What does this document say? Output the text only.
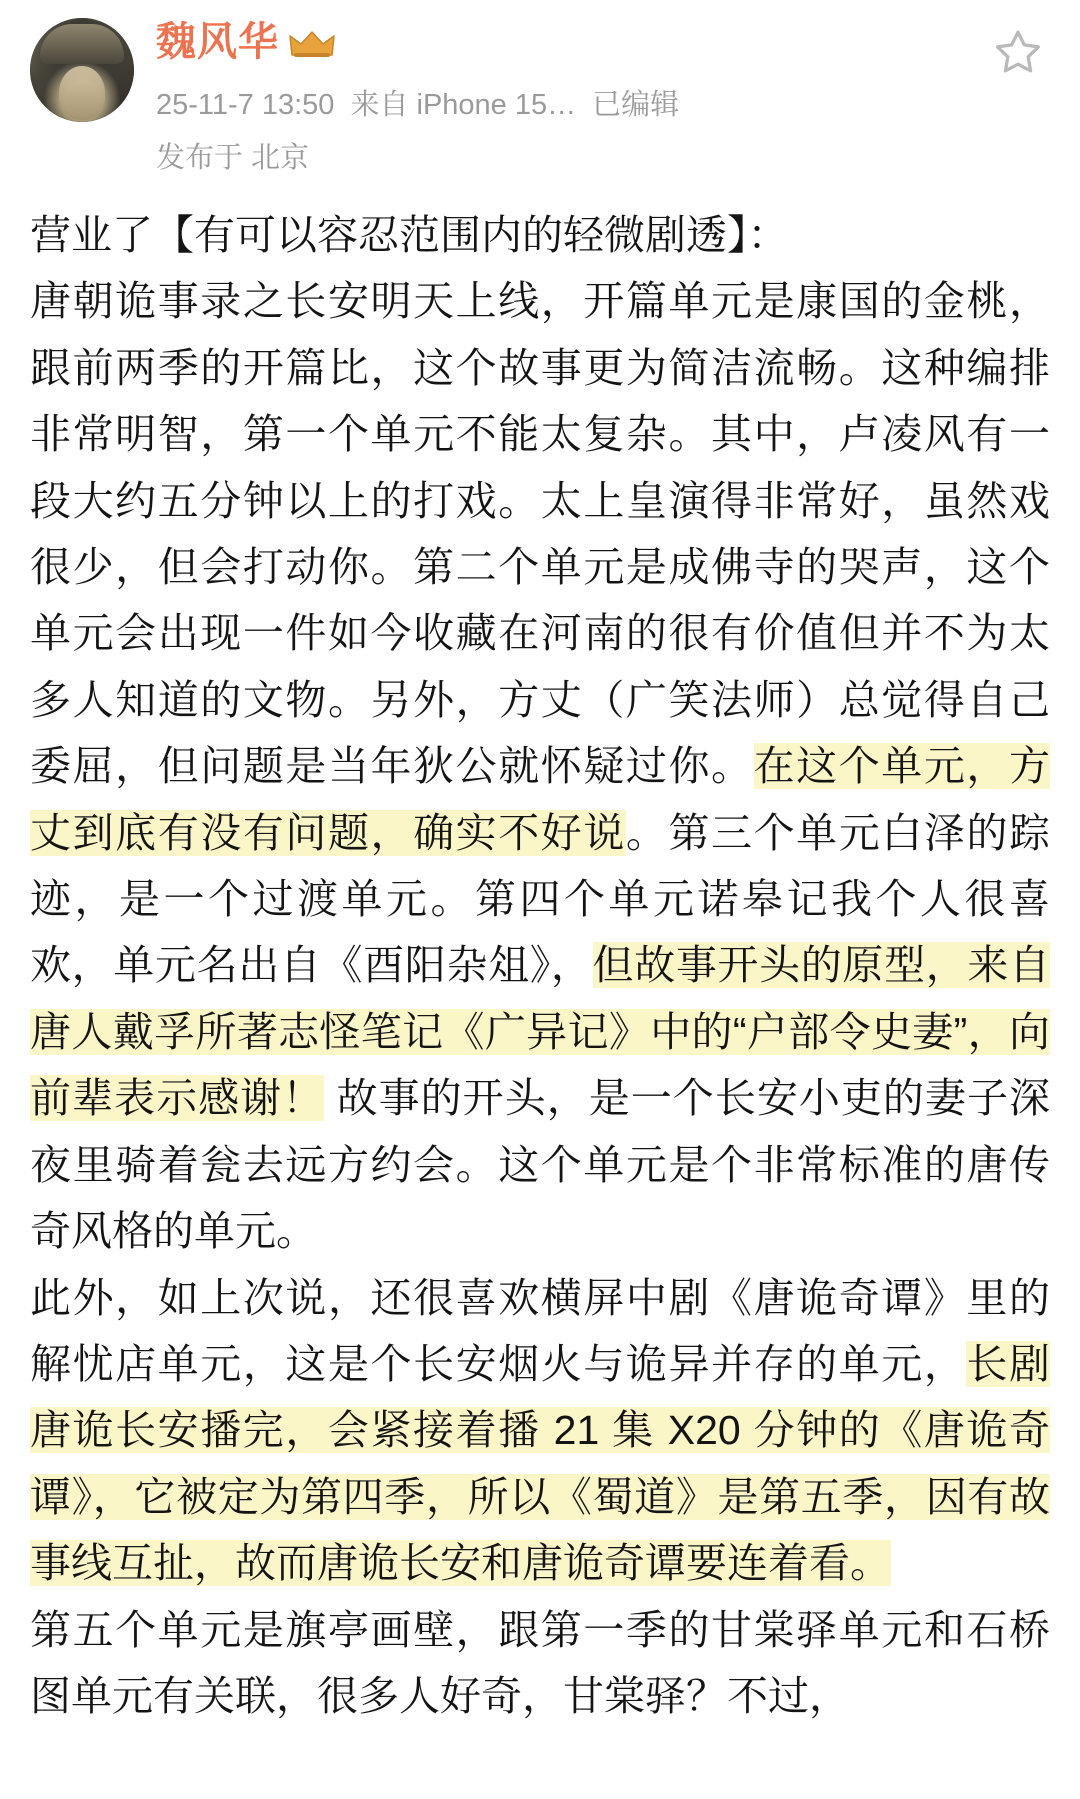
魏风华
25-11-7 13:50 来自 iPhone 15… 已编辑
发布于 北京

营业了【有可以容忍范围内的轻微剧透】：
唐朝诡事录之长安明天上线，开篇单元是康国的金桃，跟前两季的开篇比，这个故事更为简洁流畅。这种编排非常明智，第一个单元不能太复杂。其中，卢凌风有一段大约五分钟以上的打戏。太上皇演得非常好，虽然戏很少，但会打动你。第二个单元是成佛寺的哭声，这个单元会出现一件如今收藏在河南的很有价值但并不为太多人知道的文物。另外，方丈（广笑法师）总觉得自己委屈，但问题是当年狄公就怀疑过你。在这个单元，方丈到底有没有问题，确实不好说。第三个单元白泽的踪迹，是一个过渡单元。第四个单元诺皋记我个人很喜欢，单元名出自《酉阳杂俎》，但故事开头的原型，来自唐人戴孚所著志怪笔记《广异记》中的“户部令史妻”，向前辈表示感谢！ 故事的开头，是一个长安小吏的妻子深夜里骑着瓮去远方约会。这个单元是个非常标准的唐传奇风格的单元。

此外，如上次说，还很喜欢横屏中剧《唐诡奇谭》里的解忧店单元，这是个长安烟火与诡异并存的单元，长剧唐诡长安播完，会紧接着播 21 集 X20 分钟的《唐诡奇谭》，它被定为第四季，所以《蜀道》是第五季，因有故事线互扯，故而唐诡长安和唐诡奇谭要连着看。

第五个单元是旗亭画壁，跟第一季的甘棠驿单元和石桥图单元有关联，很多人好奇，甘棠驿？不过，
